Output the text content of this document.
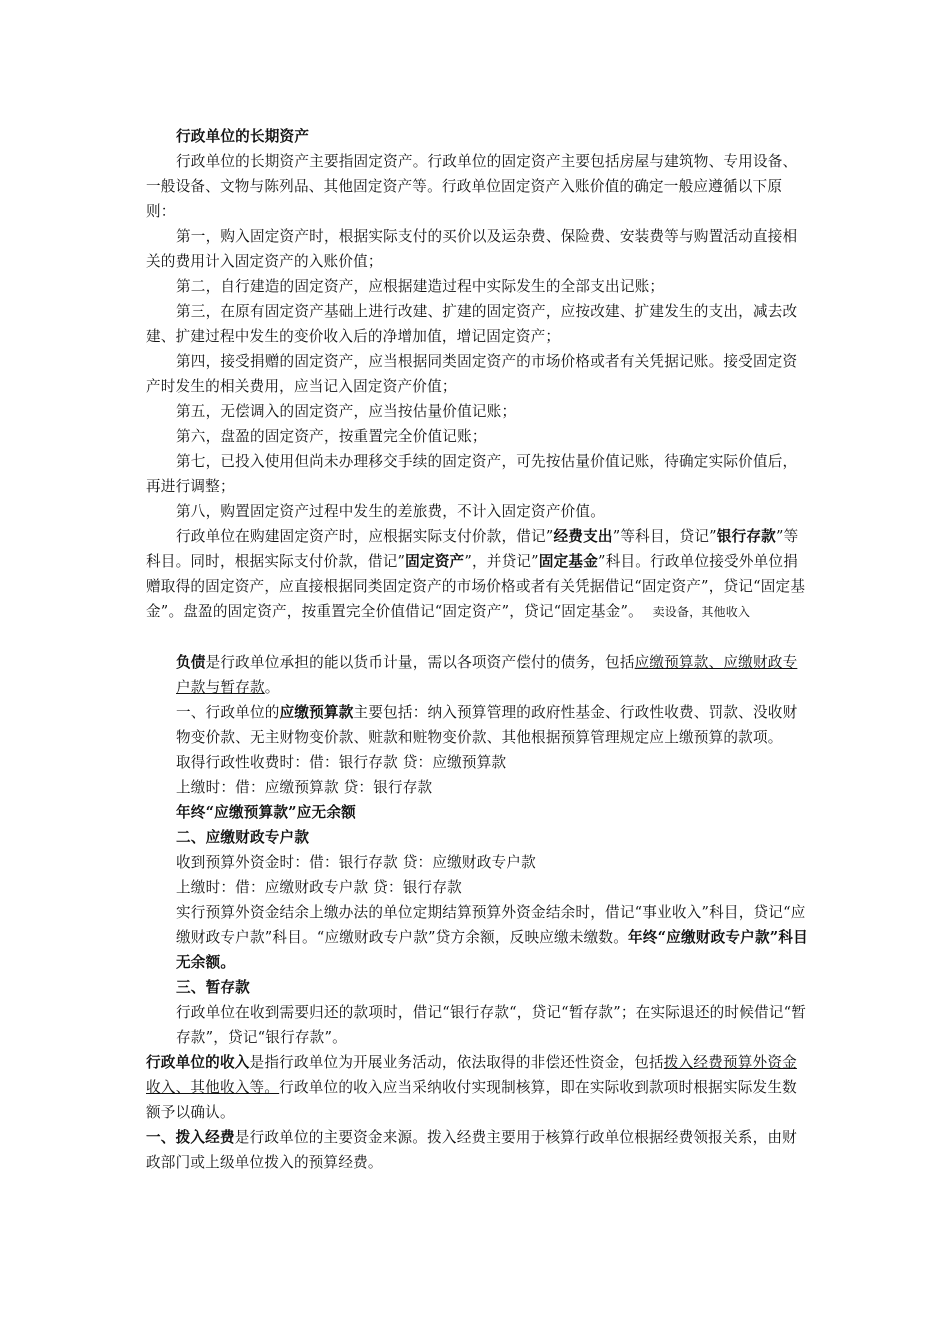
行政单位的长期资产

行政单位的长期资产主要指固定资产。行政单位的固定资产主要包括房屋与建筑物、专用设备、一般设备、文物与陈列品、其他固定资产等。行政单位固定资产入账价值的确定一般应遵循以下原则：

第一，购入固定资产时，根据实际支付的买价以及运杂费、保险费、安装费等与购置活动直接相关的费用计入固定资产的入账价值；

第二，自行建造的固定资产，应根据建造过程中实际发生的全部支出记账；

第三，在原有固定资产基础上进行改建、扩建的固定资产，应按改建、扩建发生的支出，减去改建、扩建过程中发生的变价收入后的净增加值，增记固定资产；

第四，接受捐赠的固定资产，应当根据同类固定资产的市场价格或者有关凭据记账。接受固定资产时发生的相关费用，应当记入固定资产价值；

第五，无偿调入的固定资产，应当按估量价值记账；

第六，盘盈的固定资产，按重置完全价值记账；

第七，已投入使用但尚未办理移交手续的固定资产，可先按估量价值记账，待确定实际价值后，再进行调整；

第八，购置固定资产过程中发生的差旅费，不计入固定资产价值。

行政单位在购建固定资产时，应根据实际支付价款，借记”经费支出”等科目，贷记”银行存款”等科目。同时，根据实际支付价款，借记”固定资产”，并贷记”固定基金”科目。行政单位接受外单位捐赠取得的固定资产，应直接根据同类固定资产的市场价格或者有关凭据借记“固定资产”，贷记“固定基金”。盘盈的固定资产，按重置完全价值借记“固定资产”，贷记“固定基金”。 卖设备，其他收入

负债是行政单位承担的能以货币计量，需以各项资产偿付的债务，包括应缴预算款、应缴财政专户款与暂存款。

一、行政单位的应缴预算款主要包括：纳入预算管理的政府性基金、行政性收费、罚款、没收财物变价款、无主财物变价款、赃款和赃物变价款、其他根据预算管理规定应上缴预算的款项。

取得行政性收费时：借：银行存款 贷：应缴预算款

上缴时：借：应缴预算款 贷：银行存款

年终“应缴预算款”应无余额

二、应缴财政专户款

收到预算外资金时：借：银行存款 贷：应缴财政专户款

上缴时：借：应缴财政专户款 贷：银行存款

实行预算外资金结余上缴办法的单位定期结算预算外资金结余时，借记“事业收入”科目，贷记“应缴财政专户款”科目。“应缴财政专户款”贷方余额，反映应缴未缴数。年终“应缴财政专户款”科目无余额。

三、暂存款

行政单位在收到需要归还的款项时，借记“银行存款“，贷记“暂存款”；在实际退还的时候借记“暂存款”，贷记“银行存款”。

行政单位的收入是指行政单位为开展业务活动，依法取得的非偿还性资金，包括拨入经费预算外资金收入、其他收入等。行政单位的收入应当采纳收付实现制核算，即在实际收到款项时根据实际发生数额予以确认。

一、拨入经费是行政单位的主要资金来源。拨入经费主要用于核算行政单位根据经费领报关系，由财政部门或上级单位拨入的预算经费。
